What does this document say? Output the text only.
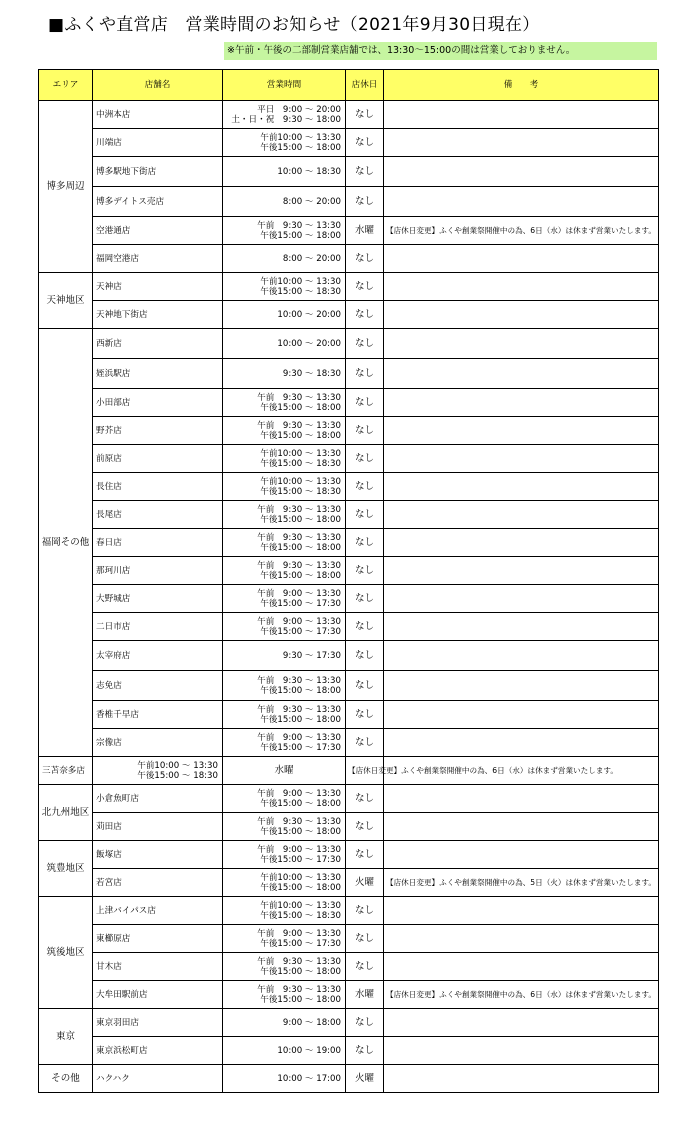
■ふくや直営店　営業時間のお知らせ（2021年9月30日現在）
※午前・午後の二部制営業店舗では、13:30〜15:00の間は営業しておりません。
エリア	店舗名	営業時間	店休日	備　　考
博多周辺	中洲本店	平日　9:00 ～ 20:00
土・日・祝　9:30 ～ 18:00	なし	
	川端店	午前10:00 ～ 13:30
午後15:00 ～ 18:00	なし	
	博多駅地下街店	10:00 ～ 18:30	なし	
	博多デイトス売店	8:00 ～ 20:00	なし	
	空港通店	午前　9:30 ～ 13:30
午後15:00 ～ 18:00	水曜	【店休日変更】ふくや創業祭開催中の為、6日（水）は休まず営業いたします。
	福岡空港店	8:00 ～ 20:00	なし	
天神地区	天神店	午前10:00 ～ 13:30
午後15:00 ～ 18:30	なし	
	天神地下街店	10:00 ～ 20:00	なし	
福岡その他	西新店	10:00 ～ 20:00	なし	
	姪浜駅店	9:30 ～ 18:30	なし	
	小田部店	午前　9:30 ～ 13:30
午後15:00 ～ 18:00	なし	
	野芥店	午前　9:30 ～ 13:30
午後15:00 ～ 18:00	なし	
	前原店	午前10:00 ～ 13:30
午後15:00 ～ 18:30	なし	
	長住店	午前10:00 ～ 13:30
午後15:00 ～ 18:30	なし	
	長尾店	午前　9:30 ～ 13:30
午後15:00 ～ 18:00	なし	
	春日店	午前　9:30 ～ 13:30
午後15:00 ～ 18:00	なし	
	那珂川店	午前　9:30 ～ 13:30
午後15:00 ～ 18:00	なし	
	大野城店	午前　9:00 ～ 13:30
午後15:00 ～ 17:30	なし	
	二日市店	午前　9:00 ～ 13:30
午後15:00 ～ 17:30	なし	
	太宰府店	9:30 ～ 17:30	なし	
	志免店	午前　9:30 ～ 13:30
午後15:00 ～ 18:00	なし	
	香椎千早店	午前　9:30 ～ 13:30
午後15:00 ～ 18:00	なし	
	宗像店	午前　9:00 ～ 13:30
午後15:00 ～ 17:30	なし	
三苫奈多店	午前10:00 ～ 13:30
午後15:00 ～ 18:30	水曜	【店休日変更】ふくや創業祭開催中の為、6日（水）は休まず営業いたします。	
北九州地区	小倉魚町店	午前　9:00 ～ 13:30
午後15:00 ～ 18:00	なし	
	苅田店	午前　9:30 ～ 13:30
午後15:00 ～ 18:00	なし	
筑豊地区	飯塚店	午前　9:00 ～ 13:30
午後15:00 ～ 17:30	なし	
	若宮店	午前10:00 ～ 13:30
午後15:00 ～ 18:00	火曜	【店休日変更】ふくや創業祭開催中の為、5日（火）は休まず営業いたします。
筑後地区	上津バイパス店	午前10:00 ～ 13:30
午後15:00 ～ 18:30	なし	
	東櫛原店	午前　9:00 ～ 13:30
午後15:00 ～ 17:30	なし	
	甘木店	午前　9:30 ～ 13:30
午後15:00 ～ 18:00	なし	
	大牟田駅前店	午前　9:30 ～ 13:30
午後15:00 ～ 18:00	水曜	【店休日変更】ふくや創業祭開催中の為、6日（水）は休まず営業いたします。
東京	東京羽田店	9:00 ～ 18:00	なし	
	東京浜松町店	10:00 ～ 19:00	なし	
その他	ハクハク	10:00 ～ 17:00	火曜	
